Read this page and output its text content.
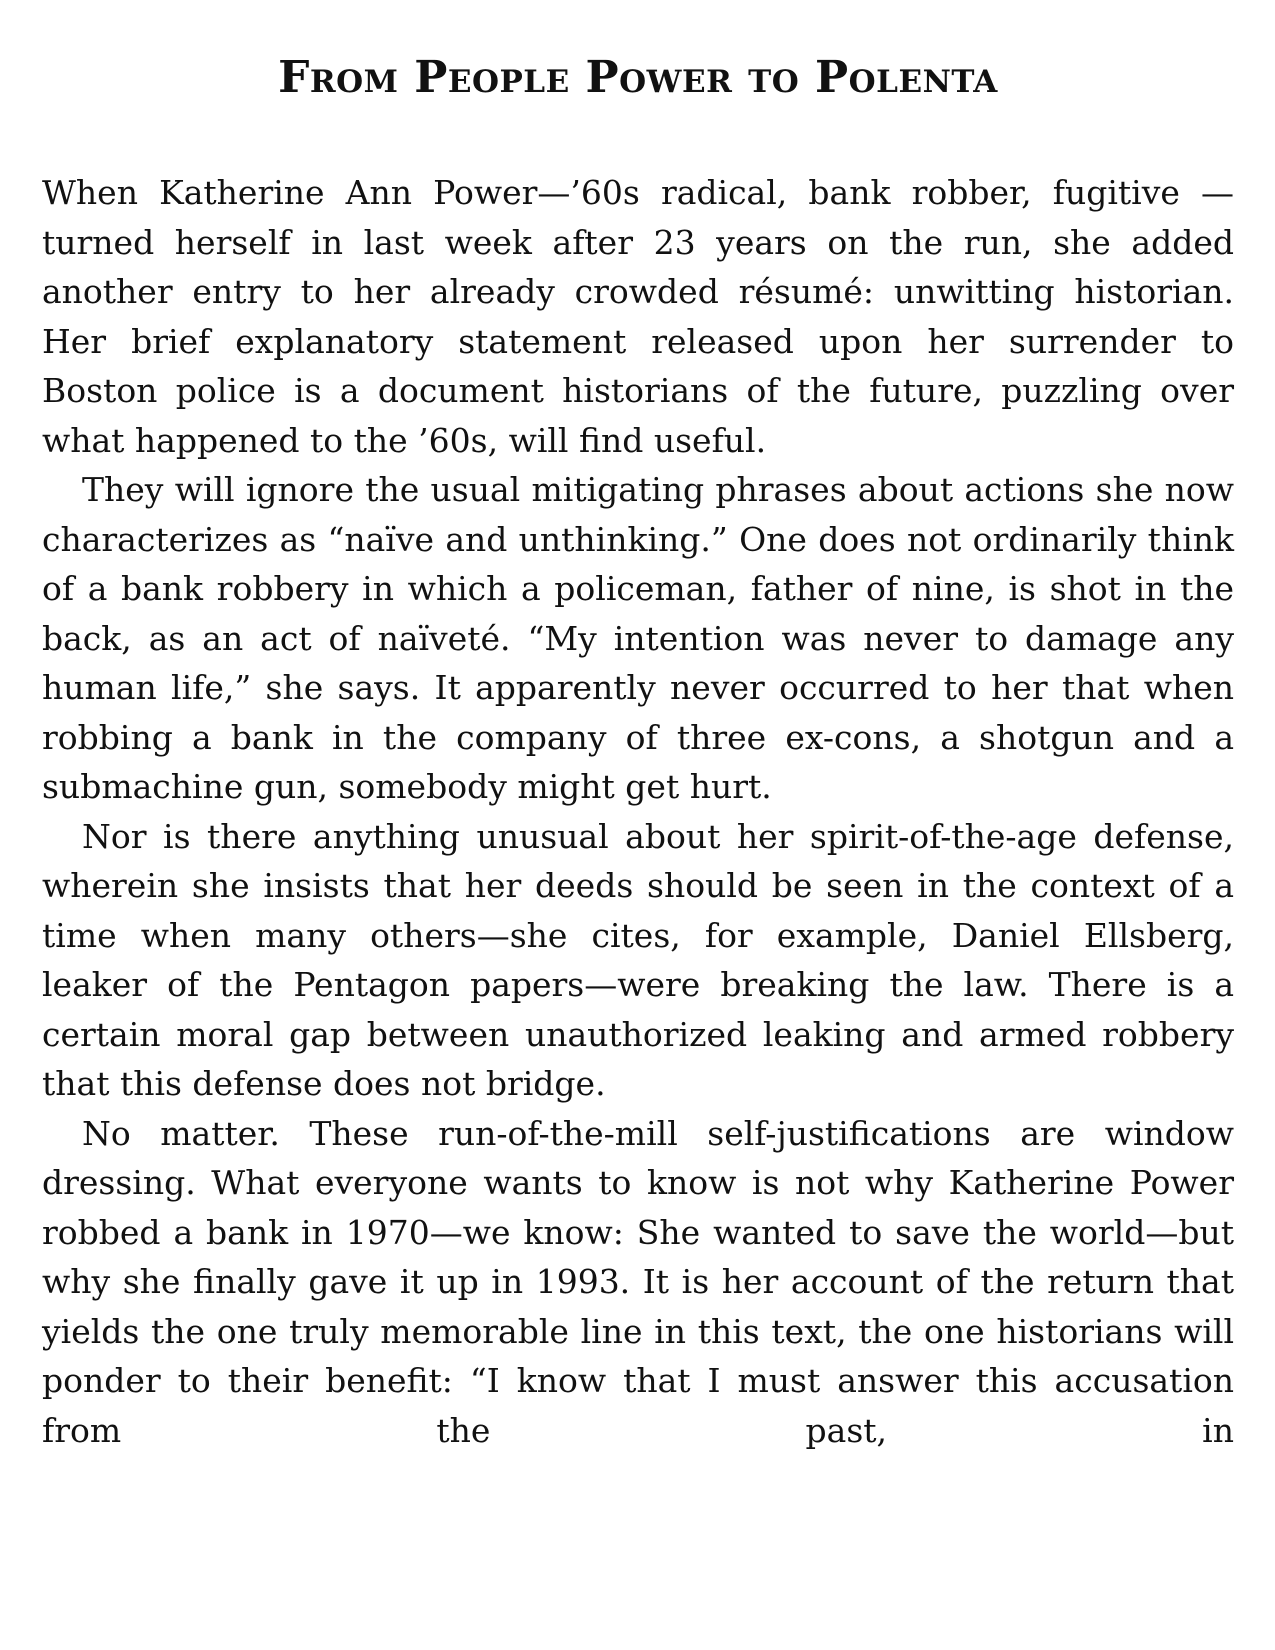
From People Power to Polenta

When Katherine Ann Power—’60s radical, bank robber, fugitive —turned herself in last week after 23 years on the run, she added another entry to her already crowded résumé: unwitting historian. Her brief explanatory statement released upon her surrender to Boston police is a document historians of the future, puzzling over what happened to the ’60s, will find useful.

They will ignore the usual mitigating phrases about actions she now characterizes as “naïve and unthinking.” One does not ordinarily think of a bank robbery in which a policeman, father of nine, is shot in the back, as an act of naïveté. “My intention was never to damage any human life,” she says. It apparently never occurred to her that when robbing a bank in the company of three ex-cons, a shotgun and a submachine gun, somebody might get hurt.

Nor is there anything unusual about her spirit-of-the-age defense, wherein she insists that her deeds should be seen in the context of a time when many others—she cites, for example, Daniel Ellsberg, leaker of the Pentagon papers—were breaking the law. There is a certain moral gap between unauthorized leaking and armed robbery that this defense does not bridge.

No matter. These run-of-the-mill self-justifications are window dressing. What everyone wants to know is not why Katherine Power robbed a bank in 1970—we know: She wanted to save the world—but why she finally gave it up in 1993. It is her account of the return that yields the one truly memorable line in this text, the one historians will ponder to their benefit: “I know that I must answer this accusation from the past, in
